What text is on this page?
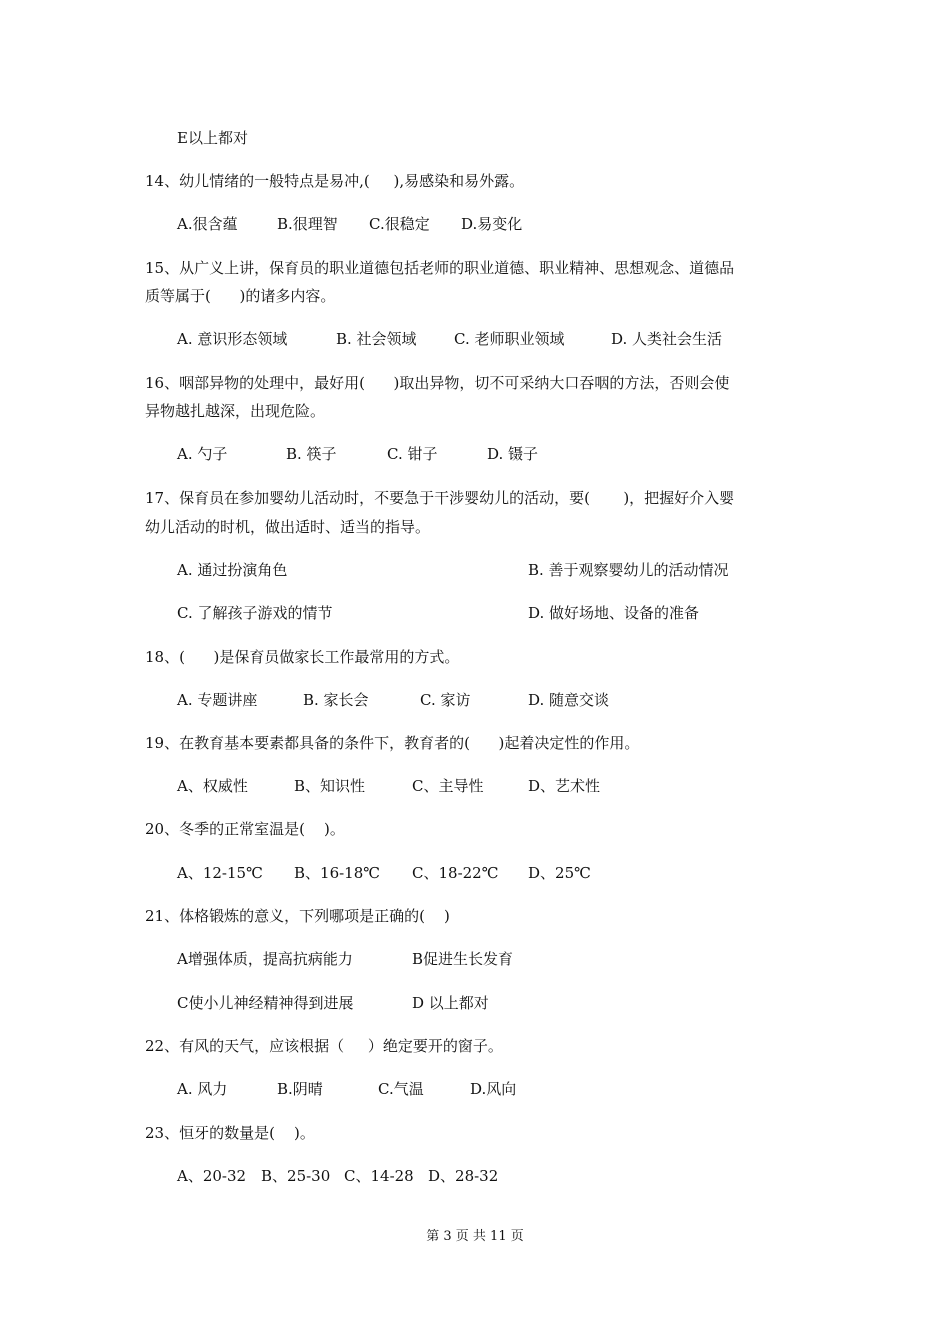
E以上都对
14、幼儿情绪的一般特点是易冲,(     ),易感染和易外露。
A.很含蕴	B.很理智 C.很稳定 D.易变化
15、从广义上讲，保育员的职业道德包括老师的职业道德、职业精神、思想观念、道德品
质等属于(      )的诸多内容。
A. 意识形态领域	B. 社会领域 C. 老师职业领域	D. 人类社会生活
16、咽部异物的处理中，最好用(      )取出异物，切不可采纳大口吞咽的方法，否则会使
异物越扎越深，出现危险。
A. 勺子	B. 筷子	C. 钳子	D. 镊子
17、保育员在参加婴幼儿活动时，不要急于干涉婴幼儿的活动，要(       )，把握好介入婴
幼儿活动的时机，做出适时、适当的指导。
A. 通过扮演角色	B. 善于观察婴幼儿的活动情况
C. 了解孩子游戏的情节	D. 做好场地、设备的准备
18、(      )是保育员做家长工作最常用的方式。
A. 专题讲座	B. 家长会	C. 家访	D. 随意交谈
19、在教育基本要素都具备的条件下，教育者的(      )起着决定性的作用。
A、权威性	B、知识性	C、主导性	D、艺术性
20、冬季的正常室温是(    )。
A、12-15℃ B、16-18℃ C、18-22℃ D、25℃
21、体格锻炼的意义，下列哪项是正确的(    )
A增强体质，提高抗病能力	B促进生长发育
C使小儿神经精神得到进展	D 以上都对
22、有风的天气，应该根据（     ）绝定要开的窗子。
A. 风力	B.阴晴	C.气温	D.风向
23、恒牙的数量是(    )。
A、20-32 B、25-30 C、14-28 D、28-32
第 3 页 共 11 页
